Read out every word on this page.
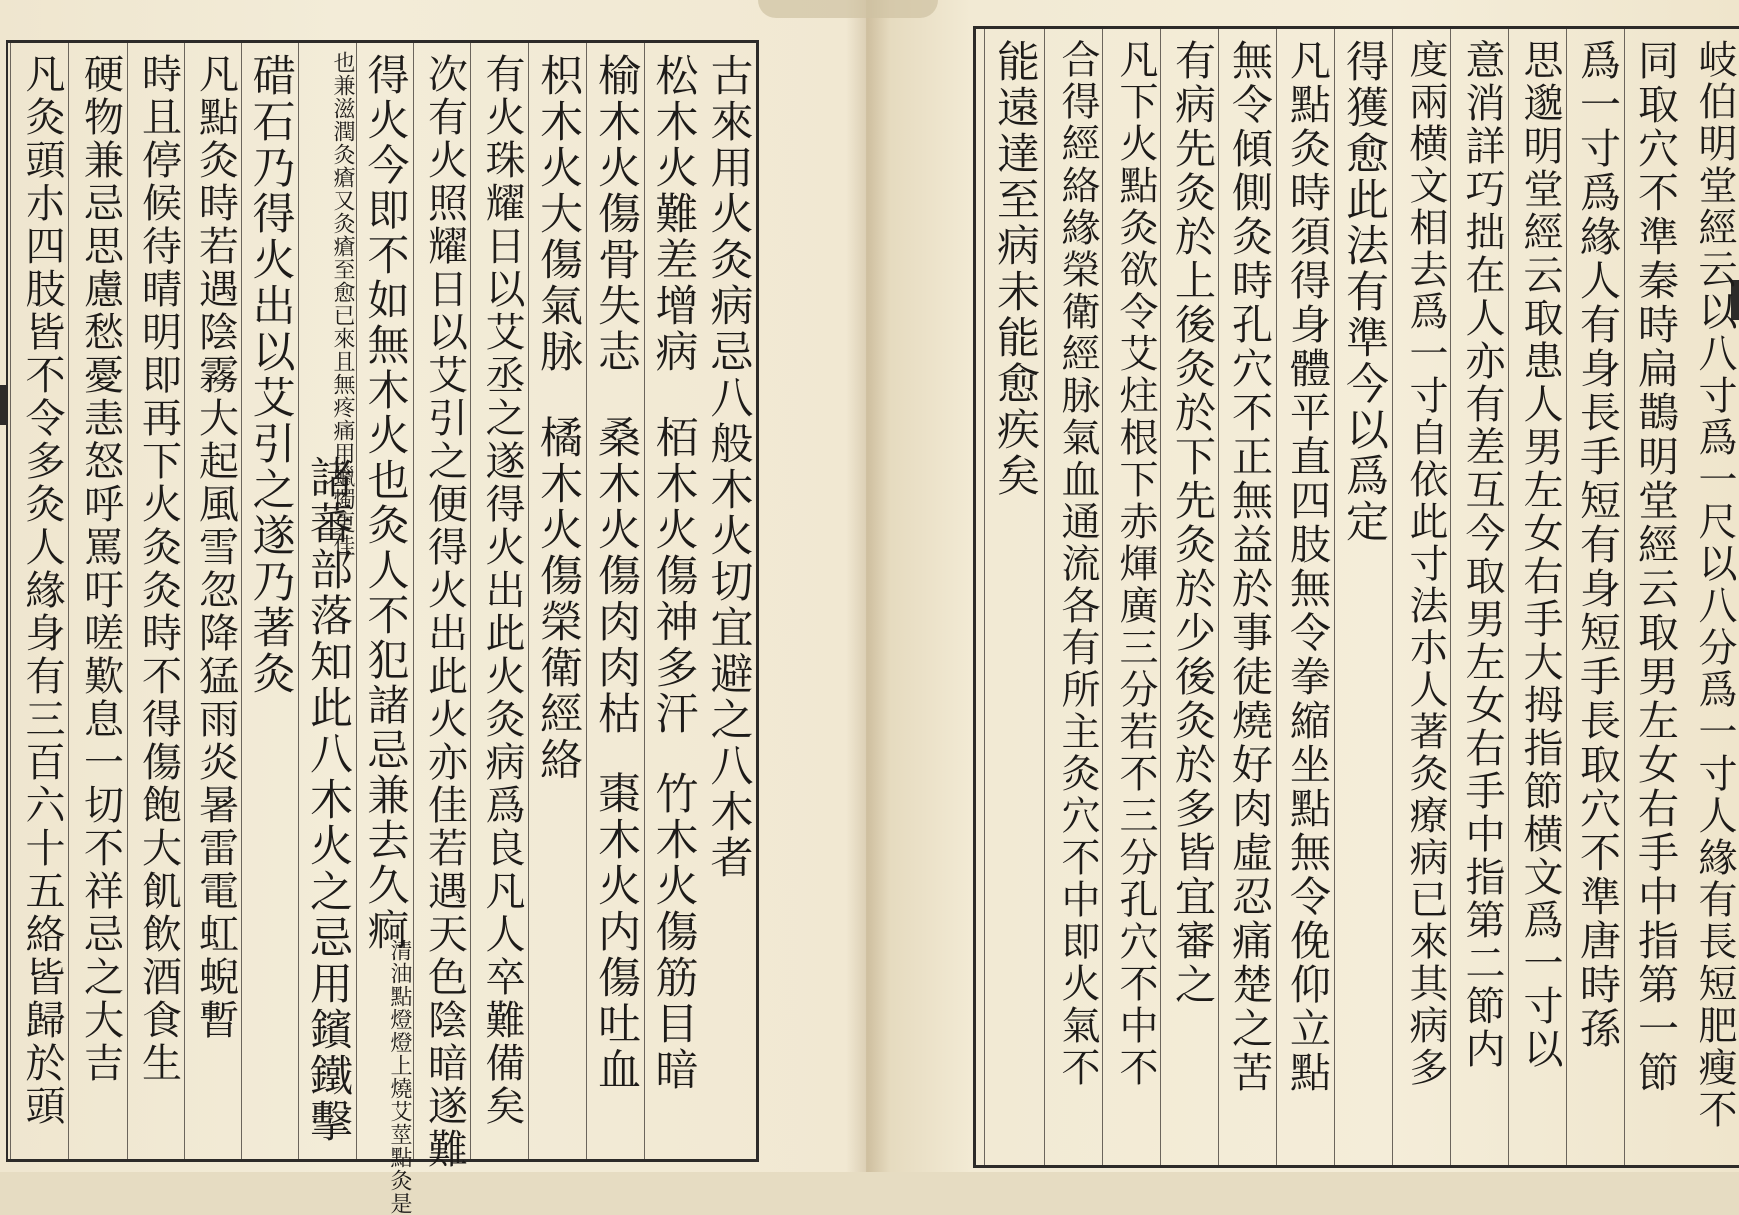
古來用火灸病忌八般木火切宜避之八木者
松木火難差增病
栢木火傷神多汗
竹木火傷筋目暗
榆木火傷骨失志
桑木火傷肉肉枯
棗木火内傷吐血
枳木火大傷氣脉
橘木火傷榮衛經絡
有火珠耀日以艾丞之遂得火出此火灸病爲良凡人卒難備矣
次有火照耀日以艾引之便得火出此火亦佳若遇天色陰暗遂難
得火今即不如無木火也灸人不犯諸忌兼去久痾
清油點燈燈上燒艾莖點灸是
也兼滋潤灸瘡又灸瘡至愈已來且無疼痛用蠟燭更佳
諸蕃部落知此八木火之忌用鑌鐵擊
碏石乃得火出以艾引之遂乃著灸
凡點灸時若遇陰霧大起風雪忽降猛雨炎暑雷電虹蜺暫
時且停候待晴明即再下火灸灸時不得傷飽大飢飲酒食生
硬物兼忌思慮愁憂恚怒呼罵吁嗟歎息一切不祥忌之大吉
凡灸頭朩四肢皆不令多灸人緣身有三百六十五絡皆歸於頭	岐伯明堂經云以八寸爲一尺以八分爲一寸人緣有長短肥瘦不
同取穴不準秦時扁鵲明堂經云取男左女右手中指第一節
爲一寸爲緣人有身長手短有身短手長取穴不準唐時孫
思邈明堂經云取患人男左女右手大拇指節横文爲一寸以
意消詳巧拙在人亦有差互今取男左女右手中指第二節内
度兩横文相去爲一寸自依此寸法朩人著灸療病已來其病多
得獲愈此法有準今以爲定
凡點灸時須得身體平直四肢無令拳縮坐點無令俛仰立點
無令傾側灸時孔穴不正無益於事徒燒好肉虛忍痛楚之苦
有病先灸於上後灸於下先灸於少後灸於多皆宜審之
凡下火點灸欲令艾炷根下赤煇廣三分若不三分孔穴不中不
合得經絡緣榮衛經脉氣血通流各有所主灸穴不中即火氣不
能遠達至病未能愈疾矣
